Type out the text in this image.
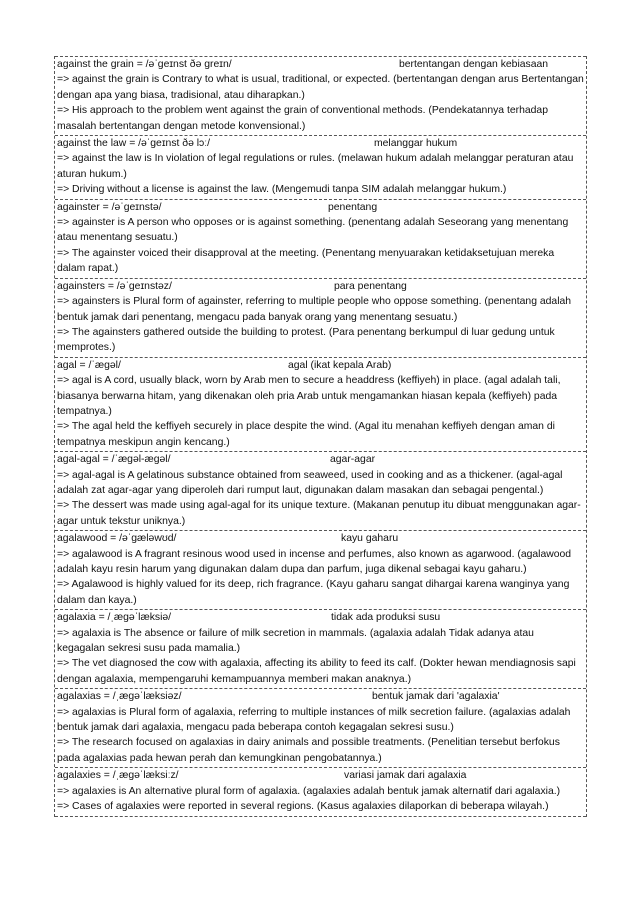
against the grain = /əˈɡeɪnst ðə ɡreɪn/	bertentangan dengan kebiasaan
=> against the grain is Contrary to what is usual, traditional, or expected. (bertentangan dengan arus Bertentangan dengan apa yang biasa, tradisional, atau diharapkan.)
=> His approach to the problem went against the grain of conventional methods. (Pendekatannya terhadap masalah bertentangan dengan metode konvensional.)
against the law = /əˈɡeɪnst ðə lɔː/	melanggar hukum
=> against the law is In violation of legal regulations or rules. (melawan hukum adalah melanggar peraturan atau aturan hukum.)
=> Driving without a license is against the law. (Mengemudi tanpa SIM adalah melanggar hukum.)
againster = /əˈɡeɪnstə/	penentang
=> againster is A person who opposes or is against something. (penentang adalah Seseorang yang menentang atau menentang sesuatu.)
=> The againster voiced their disapproval at the meeting. (Penentang menyuarakan ketidaksetujuan mereka dalam rapat.)
againsters = /əˈɡeɪnstəz/	para penentang
=> againsters is Plural form of againster, referring to multiple people who oppose something. (penentang adalah bentuk jamak dari penentang, mengacu pada banyak orang yang menentang sesuatu.)
=> The againsters gathered outside the building to protest. (Para penentang berkumpul di luar gedung untuk memprotes.)
agal = /ˈæɡəl/	agal (ikat kepala Arab)
=> agal is A cord, usually black, worn by Arab men to secure a headdress (keffiyeh) in place. (agal adalah tali, biasanya berwarna hitam, yang dikenakan oleh pria Arab untuk mengamankan hiasan kepala (keffiyeh) pada tempatnya.)
=> The agal held the keffiyeh securely in place despite the wind. (Agal itu menahan keffiyeh dengan aman di tempatnya meskipun angin kencang.)
agal-agal = /ˈæɡəl-æɡəl/	agar-agar
=> agal-agal is A gelatinous substance obtained from seaweed, used in cooking and as a thickener. (agal-agal adalah zat agar-agar yang diperoleh dari rumput laut, digunakan dalam masakan dan sebagai pengental.)
=> The dessert was made using agal-agal for its unique texture. (Makanan penutup itu dibuat menggunakan agar-agar untuk tekstur uniknya.)
agalawood = /əˈɡæləwʊd/	kayu gaharu
=> agalawood is A fragrant resinous wood used in incense and perfumes, also known as agarwood. (agalawood adalah kayu resin harum yang digunakan dalam dupa dan parfum, juga dikenal sebagai kayu gaharu.)
=> Agalawood is highly valued for its deep, rich fragrance. (Kayu gaharu sangat dihargai karena wanginya yang dalam dan kaya.)
agalaxia = /ˌæɡəˈlæksiə/	tidak ada produksi susu
=> agalaxia is The absence or failure of milk secretion in mammals. (agalaxia adalah Tidak adanya atau kegagalan sekresi susu pada mamalia.)
=> The vet diagnosed the cow with agalaxia, affecting its ability to feed its calf. (Dokter hewan mendiagnosis sapi dengan agalaxia, mempengaruhi kemampuannya memberi makan anaknya.)
agalaxias = /ˌæɡəˈlæksiəz/	bentuk jamak dari 'agalaxia'
=> agalaxias is Plural form of agalaxia, referring to multiple instances of milk secretion failure. (agalaxias adalah bentuk jamak dari agalaxia, mengacu pada beberapa contoh kegagalan sekresi susu.)
=> The research focused on agalaxias in dairy animals and possible treatments. (Penelitian tersebut berfokus pada agalaxias pada hewan perah dan kemungkinan pengobatannya.)
agalaxies = /ˌæɡəˈlæksiːz/	variasi jamak dari agalaxia
=> agalaxies is An alternative plural form of agalaxia. (agalaxies adalah bentuk jamak alternatif dari agalaxia.)
=> Cases of agalaxies were reported in several regions. (Kasus agalaxies dilaporkan di beberapa wilayah.)
